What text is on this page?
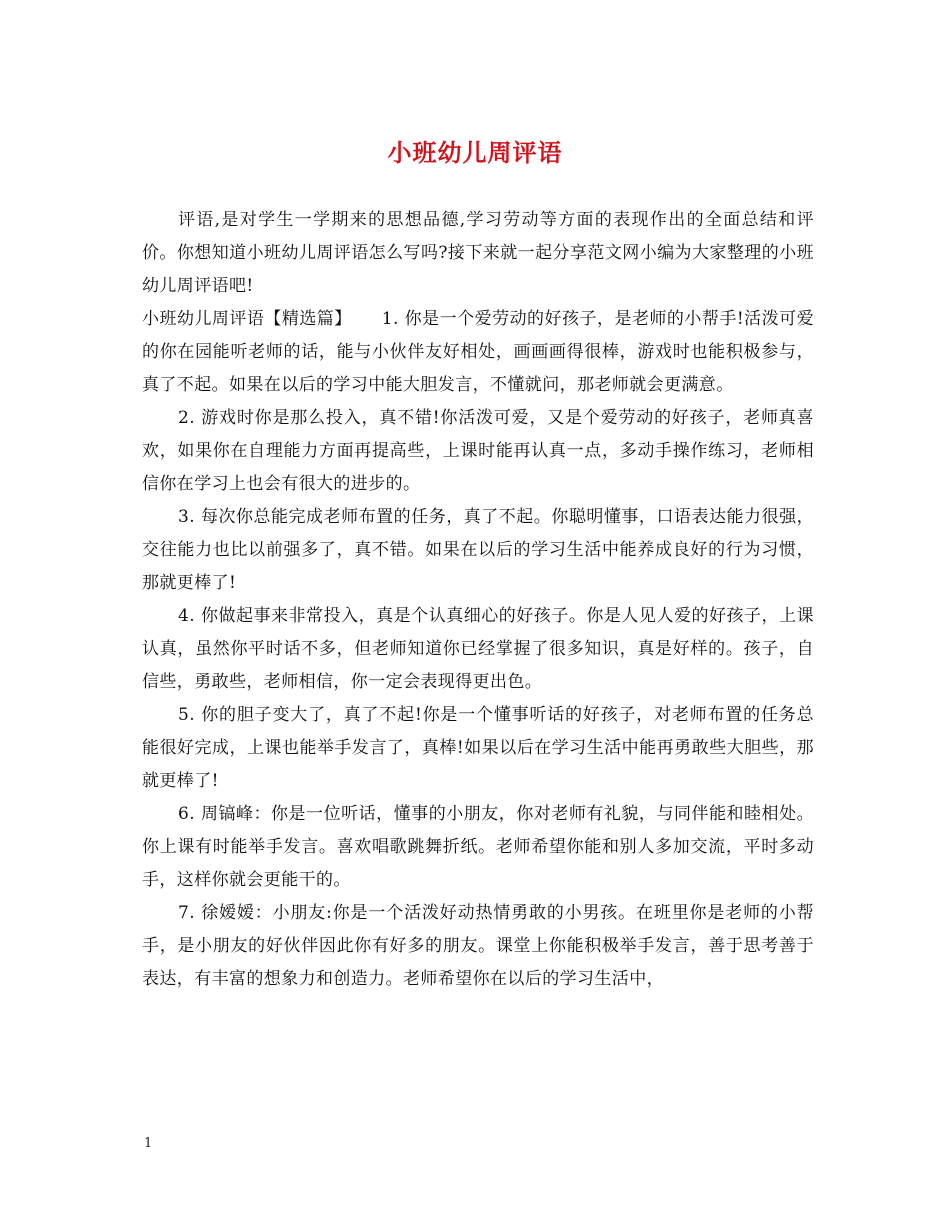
小班幼儿周评语

评语,是对学生一学期来的思想品德,学习劳动等方面的表现作出的全面总结和评价。你想知道小班幼儿周评语怎么写吗?接下来就一起分享范文网小编为大家整理的小班幼儿周评语吧!

小班幼儿周评语【精选篇】 1. 你是一个爱劳动的好孩子，是老师的小帮手!活泼可爱的你在园能听老师的话，能与小伙伴友好相处，画画画得很棒，游戏时也能积极参与，真了不起。如果在以后的学习中能大胆发言，不懂就问，那老师就会更满意。

2. 游戏时你是那么投入，真不错!你活泼可爱，又是个爱劳动的好孩子，老师真喜欢，如果你在自理能力方面再提高些，上课时能再认真一点，多动手操作练习，老师相信你在学习上也会有很大的进步的。

3. 每次你总能完成老师布置的任务，真了不起。你聪明懂事，口语表达能力很强，交往能力也比以前强多了，真不错。如果在以后的学习生活中能养成良好的行为习惯，那就更棒了!

4. 你做起事来非常投入，真是个认真细心的好孩子。你是人见人爱的好孩子，上课认真，虽然你平时话不多，但老师知道你已经掌握了很多知识，真是好样的。孩子，自信些，勇敢些，老师相信，你一定会表现得更出色。

5. 你的胆子变大了，真了不起!你是一个懂事听话的好孩子，对老师布置的任务总能很好完成，上课也能举手发言了，真棒!如果以后在学习生活中能再勇敢些大胆些，那就更棒了!

6. 周镐峰：你是一位听话，懂事的小朋友，你对老师有礼貌，与同伴能和睦相处。你上课有时能举手发言。喜欢唱歌跳舞折纸。老师希望你能和别人多加交流，平时多动手，这样你就会更能干的。

7. 徐嫒嫒：小朋友:你是一个活泼好动热情勇敢的小男孩。在班里你是老师的小帮手，是小朋友的好伙伴因此你有好多的朋友。课堂上你能积极举手发言，善于思考善于表达，有丰富的想象力和创造力。老师希望你在以后的学习生活中，

1
